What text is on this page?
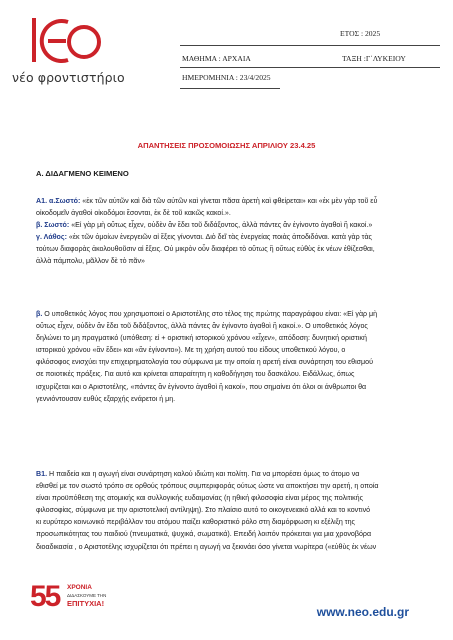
νέο φροντιστήριο
ΕΤΟΣ : 2025
ΜΑΘΗΜΑ : ΑΡΧΑΙΑ	ΤΑΞΗ :Γ΄ΛΥΚΕΙΟΥ
ΗΜΕΡΟΜΗΝΙΑ : 23/4/2025
ΑΠΑΝΤΗΣΕΙΣ ΠΡΟΣΟΜΟΙΩΣΗΣ ΑΠΡΙΛΙΟΥ 23.4.25
Α. ΔΙΔΑΓΜΕΝΟ ΚΕΙΜΕΝΟ
Α1. α.Σωστό: «ἐκ τῶν αὐτῶν καὶ διὰ τῶν αὐτῶν καὶ γίνεται πᾶσα ἀρετὴ καὶ φθείρεται» και «ἐκ μὲν γὰρ τοῦ εὖ
οἰκοδομεῖν ἀγαθοὶ οἰκοδόμοι ἔσονται, ἐκ δὲ τοῦ κακῶς κακοί.».
β. Σωστό: «Εἰ γὰρ μὴ οὕτως εἶχεν, οὐδὲν ἂν ἔδει τοῦ διδάξοντος, ἀλλὰ πάντες ἂν ἐγίνοντο ἀγαθοὶ ἢ κακοί.»
γ. Λάθος: «ἐκ τῶν ὁμοίων ἐνεργειῶν αἱ ἕξεις γίνονται. Διὸ δεῖ τὰς ἐνεργείας ποιὰς ἀποδιδόναι. κατὰ γὰρ τὰς
τούτων διαφορὰς ἀκολουθοῦσιν αἱ ἕξεις. Οὐ μικρὸν οὖν διαφέρει τὸ οὕτως ἢ οὕτως εὐθὺς ἐκ νέων ἐθίζεσθαι,
ἀλλὰ πάμπολυ, μᾶλλον δὲ τὸ πᾶν»
β. Ο υποθετικός λόγος που χρησιμοποιεί ο Αριστοτέλης στο τέλος της πρώτης παραγράφου είναι: «Εἰ γὰρ μὴ
οὕτως εἶχεν, οὐδὲν ἂν ἔδει τοῦ διδάξοντος, ἀλλὰ πάντες ἂν ἐγίνοντο ἀγαθοὶ ἢ κακοί.». Ο υποθετικός λόγος
δηλώνει το μη πραγματικό (υπόθεση: εἰ + οριστική ιστορικού χρόνου «εἶχεν», απόδοση: δυνητική οριστική
ιστορικού χρόνου «ἂν ἔδει» και «ἂν ἐγίνοντο»). Με τη χρήση αυτού του είδους υποθετικού λόγου, ο
φιλόσοφος ενισχύει την επιχειρηματολογία του σύμφωνα με την οποία η αρετή είναι συνάρτηση του εθισμού
σε ποιοτικές πράξεις. Για αυτό και κρίνεται απαραίτητη η καθοδήγηση του δασκάλου. Ειδάλλως, όπως
ισχυρίζεται και ο Αριστοτέλης, «πάντες ἂν ἐγίνοντο ἀγαθοὶ ἢ κακοί», που σημαίνει ότι όλοι οι άνθρωποι θα
γεννιόντουσαν ευθύς εξαρχής ενάρετοι ή μη.
Β1. Η παιδεία και η αγωγή είναι συνάρτηση καλού ιδιώτη και πολίτη. Για να μπορέσει όμως το άτομο να
εθισθεί με τον σωστό τρόπο σε ορθούς τρόπους συμπεριφοράς ούτως ώστε να αποκτήσει την αρετή, η οποία
είναι προϋπόθεση της ατομικής και συλλογικής ευδαιμονίας (η ηθική φιλοσοφία είναι μέρος της πολιτικής
φιλοσοφίας, σύμφωνα με την αριστοτελική αντίληψη). Στο πλαίσιο αυτό το οικογενειακό αλλά και το κοντινό
κι ευρύτερο κοινωνικό περιβάλλον του ατόμου παίζει καθοριστικό ρόλο στη διαμόρφωση κι εξέλιξη της
προσωπικότητας του παιδιού (πνευματικά, ψυχικά, σωματικά). Επειδή λοιπόν πρόκειται για μια χρονοβόρα
διοαδικασία , ο Αριστοτέλης ισχυρίζεται ότι πρέπει η αγωγή να ξεκινάει όσο γίνεται νωρίτερα («εὐθὺς ἐκ νέων
55 ΧΡΟΝΙΑ
ΔΙΔΑΣΚΟΥΜΕ ΤΗΝ
ΕΠΙΤΥΧΙΑ!
www.neo.edu.gr
